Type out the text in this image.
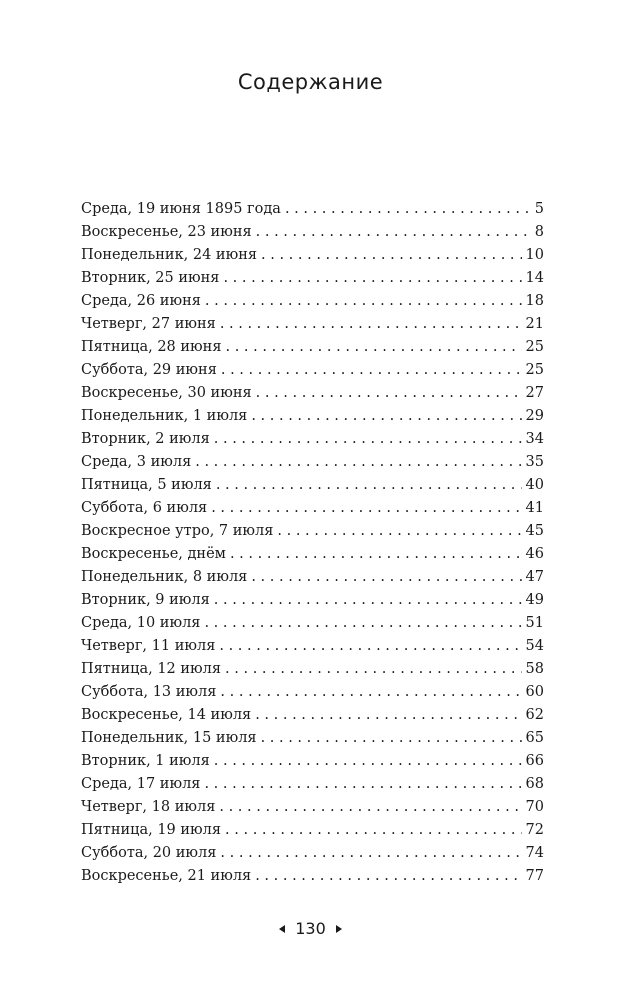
Содержание
Среда, 19 июня 1895 года . . .	5
Воскресенье, 23 июня . . .	8
Понедельник, 24 июня . . .	10
Вторник, 25 июня . . .	14
Среда, 26 июня . . .	18
Четверг, 27 июня . . .	21
Пятница, 28 июня . . .	25
Суббота, 29 июня . . .	25
Воскресенье, 30 июня . . .	27
Понедельник, 1 июля . . .	29
Вторник, 2 июля . . .	34
Среда, 3 июля . . .	35
Пятница, 5 июля . . .	40
Суббота, 6 июля . . .	41
Воскресное утро, 7 июля . . .	45
Воскресенье, днём . . .	46
Понедельник, 8 июля . . .	47
Вторник, 9 июля . . .	49
Среда, 10 июля . . .	51
Четверг, 11 июля . . .	54
Пятница, 12 июля . . .	58
Суббота, 13 июля . . .	60
Воскресенье, 14 июля . . .	62
Понедельник, 15 июля . . .	65
Вторник, 1 июля . . .	66
Среда, 17 июля . . .	68
Четверг, 18 июля . . .	70
Пятница, 19 июля . . .	72
Суббота, 20 июля . . .	74
Воскресенье, 21 июля . . .	77
130
